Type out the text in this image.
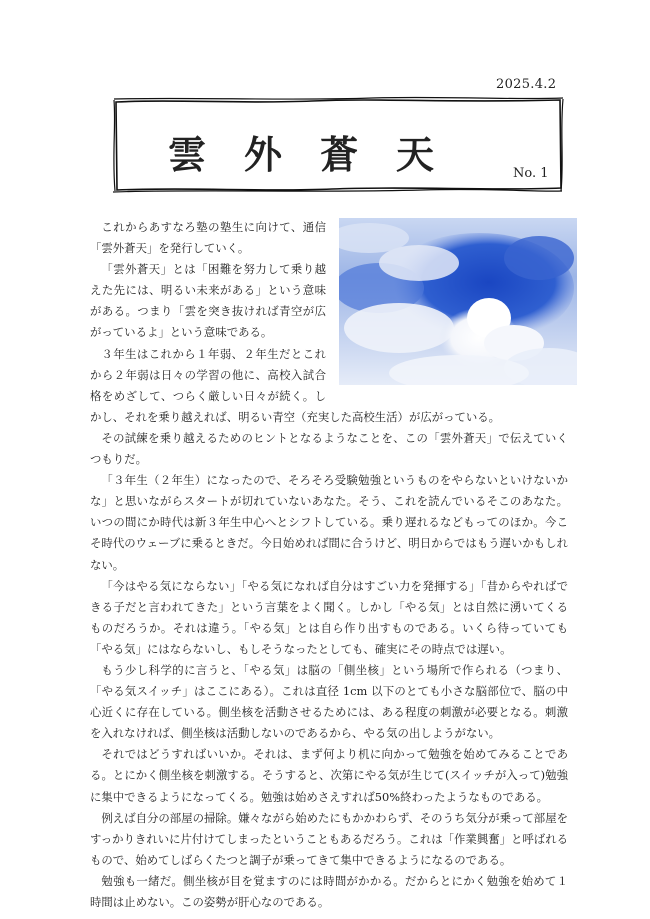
2025.4.2
雲外蒼天	No. 1

これからあすなろ塾の塾生に向けて、通信「雲外蒼天」を発行していく。

「雲外蒼天」とは「困難を努力して乗り越えた先には、明るい未来がある」という意味がある。つまり「雲を突き抜ければ青空が広がっているよ」という意味である。

３年生はこれから１年弱、２年生だとこれから２年弱は日々の学習の他に、高校入試合格をめざして、つらく厳しい日々が続く。しかし、それを乗り越えれば、明るい青空（充実した高校生活）が広がっている。

その試練を乗り越えるためのヒントとなるようなことを、この「雲外蒼天」で伝えていくつもりだ。

「３年生（２年生）になったので、そろそろ受験勉強というものをやらないといけないかな」と思いながらスタートが切れていないあなた。そう、これを読んでいるそこのあなた。いつの間にか時代は新３年生中心へとシフトしている。乗り遅れるなどもってのほか。今こそ時代のウェーブに乗るときだ。今日始めれば間に合うけど、明日からではもう遅いかもしれない。

「今はやる気にならない」「やる気になれば自分はすごい力を発揮する」「昔からやればできる子だと言われてきた」という言葉をよく聞く。しかし「やる気」とは自然に湧いてくるものだろうか。それは違う。「やる気」とは自ら作り出すものである。いくら待っていても「やる気」にはならないし、もしそうなったとしても、確実にその時点では遅い。

もう少し科学的に言うと、「やる気」は脳の「側坐核」という場所で作られる（つまり、「やる気スイッチ」はここにある）。これは直径 1cm 以下のとても小さな脳部位で、脳の中心近くに存在している。側坐核を活動させるためには、ある程度の刺激が必要となる。刺激を入れなければ、側坐核は活動しないのであるから、やる気の出しようがない。

それではどうすればいいか。それは、まず何より机に向かって勉強を始めてみることである。とにかく側坐核を刺激する。そうすると、次第にやる気が生じて(スイッチが入って)勉強に集中できるようになってくる。勉強は始めさえすれば50%終わったようなものである。

例えば自分の部屋の掃除。嫌々ながら始めたにもかかわらず、そのうち気分が乗って部屋をすっかりきれいに片付けてしまったということもあるだろう。これは「作業興奮」と呼ばれるもので、始めてしばらくたつと調子が乗ってきて集中できるようになるのである。

勉強も一緒だ。側坐核が目を覚ますのには時間がかかる。だからとにかく勉強を始めて１時間は止めない。この姿勢が肝心なのである。
